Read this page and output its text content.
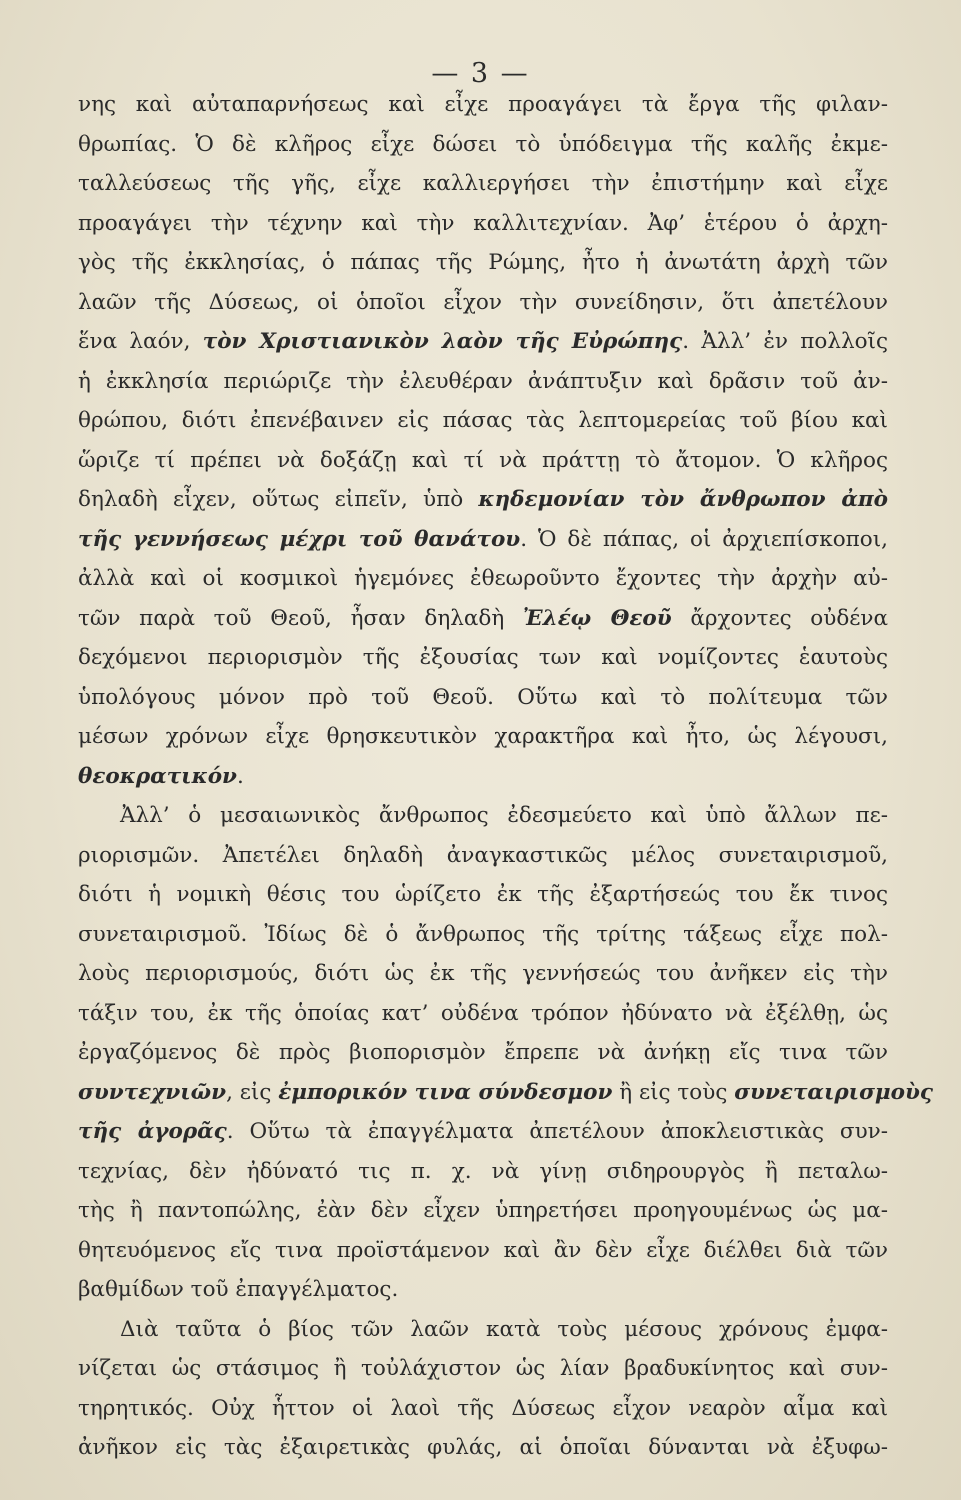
— 3 —
νης καὶ αὐταπαρνήσεως καὶ εἶχε προαγάγει τὰ ἔργα τῆς φιλαν-
θρωπίας. Ὁ δὲ κλῆρος εἶχε δώσει τὸ ὑπόδειγμα τῆς καλῆς ἐκμε-
ταλλεύσεως τῆς γῆς, εἶχε καλλιεργήσει τὴν ἐπιστήμην καὶ εἶχε
προαγάγει τὴν τέχνην καὶ τὴν καλλιτεχνίαν. Ἀφ’ ἑτέρου ὁ ἀρχη-
γὸς τῆς ἐκκλησίας, ὁ πάπας τῆς Ρώμης, ἦτο ἡ ἀνωτάτη ἀρχὴ τῶν
λαῶν τῆς Δύσεως, οἱ ὁποῖοι εἶχον τὴν συνείδησιν, ὅτι ἀπετέλουν
ἕνα λαόν, τὸν Χριστιανικὸν λαὸν τῆς Εὐρώπης. Ἀλλ’ ἐν πολλοῖς
ἡ ἐκκλησία περιώριζε τὴν ἐλευθέραν ἀνάπτυξιν καὶ δρᾶσιν τοῦ ἀν-
θρώπου, διότι ἐπενέβαινεν εἰς πάσας τὰς λεπτομερείας τοῦ βίου καὶ
ὥριζε τί πρέπει νὰ δοξάζῃ καὶ τί νὰ πράττῃ τὸ ἄτομον. Ὁ κλῆρος
δηλαδὴ εἶχεν, οὕτως εἰπεῖν, ὑπὸ κηδεμονίαν τὸν ἄνθρωπον ἀπὸ
τῆς γεννήσεως μέχρι τοῦ θανάτου. Ὁ δὲ πάπας, οἱ ἀρχιεπίσκοποι,
ἀλλὰ καὶ οἱ κοσμικοὶ ἡγεμόνες ἐθεωροῦντο ἔχοντες τὴν ἀρχὴν αὐ-
τῶν παρὰ τοῦ Θεοῦ, ἦσαν δηλαδὴ Ἐλέῳ Θεοῦ ἄρχοντες οὐδένα
δεχόμενοι περιορισμὸν τῆς ἐξουσίας των καὶ νομίζοντες ἑαυτοὺς
ὑπολόγους μόνον πρὸ τοῦ Θεοῦ. Οὕτω καὶ τὸ πολίτευμα τῶν
μέσων χρόνων εἶχε θρησκευτικὸν χαρακτῆρα καὶ ἦτο, ὡς λέγουσι,
θεοκρατικόν.
Ἀλλ’ ὁ μεσαιωνικὸς ἄνθρωπος ἐδεσμεύετο καὶ ὑπὸ ἄλλων πε-
ριορισμῶν. Ἀπετέλει δηλαδὴ ἀναγκαστικῶς μέλος συνεταιρισμοῦ,
διότι ἡ νομικὴ θέσις του ὡρίζετο ἐκ τῆς ἐξαρτήσεώς του ἔκ τινος
συνεταιρισμοῦ. Ἰδίως δὲ ὁ ἄνθρωπος τῆς τρίτης τάξεως εἶχε πολ-
λοὺς περιορισμούς, διότι ὡς ἐκ τῆς γεννήσεώς του ἀνῆκεν εἰς τὴν
τάξιν του, ἐκ τῆς ὁποίας κατ’ οὐδένα τρόπον ἠδύνατο νὰ ἐξέλθῃ, ὡς
ἐργαζόμενος δὲ πρὸς βιοπορισμὸν ἔπρεπε νὰ ἀνήκῃ εἴς τινα τῶν
συντεχνιῶν, εἰς ἐμπορικόν τινα σύνδεσμον ἢ εἰς τοὺς συνεταιρισμοὺς
τῆς ἀγορᾶς. Οὕτω τὰ ἐπαγγέλματα ἀπετέλουν ἀποκλειστικὰς συν-
τεχνίας, δὲν ἠδύνατό τις π. χ. νὰ γίνῃ σιδηρουργὸς ἢ πεταλω-
τὴς ἢ παντοπώλης, ἐὰν δὲν εἶχεν ὑπηρετήσει προηγουμένως ὡς μα-
θητευόμενος εἴς τινα προϊστάμενον καὶ ἂν δὲν εἶχε διέλθει διὰ τῶν
βαθμίδων τοῦ ἐπαγγέλματος.
Διὰ ταῦτα ὁ βίος τῶν λαῶν κατὰ τοὺς μέσους χρόνους ἐμφα-
νίζεται ὡς στάσιμος ἢ τοὐλάχιστον ὡς λίαν βραδυκίνητος καὶ συν-
τηρητικός. Οὐχ ἧττον οἱ λαοὶ τῆς Δύσεως εἶχον νεαρὸν αἷμα καὶ
ἀνῆκον εἰς τὰς ἐξαιρετικὰς φυλάς, αἱ ὁποῖαι δύνανται νὰ ἐξυφω-
